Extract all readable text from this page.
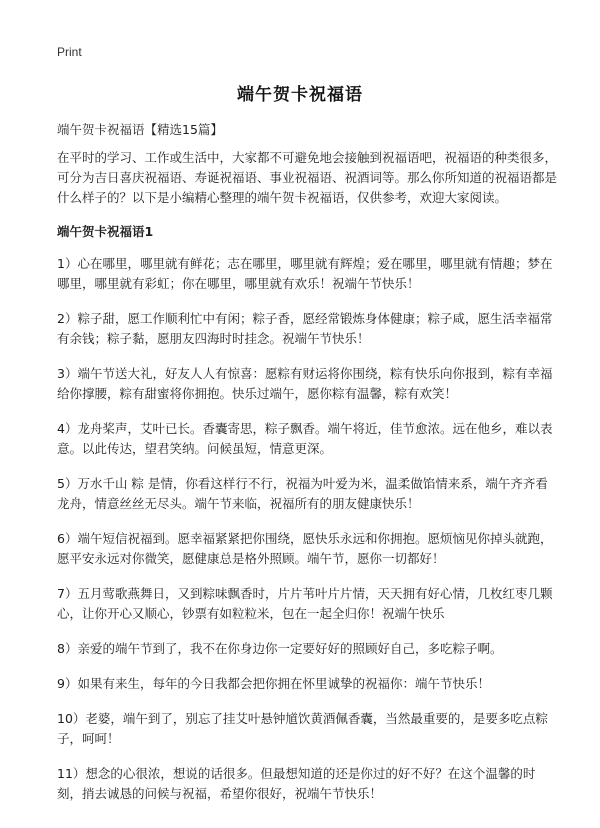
Print
端午贺卡祝福语
端午贺卡祝福语【精选15篇】
在平时的学习、工作或生活中，大家都不可避免地会接触到祝福语吧，祝福语的种类很多，可分为吉日喜庆祝福语、寿诞祝福语、事业祝福语、祝酒词等。那么你所知道的祝福语都是什么样子的？以下是小编精心整理的端午贺卡祝福语，仅供参考，欢迎大家阅读。
端午贺卡祝福语1
1）心在哪里，哪里就有鲜花；志在哪里，哪里就有辉煌；爱在哪里，哪里就有情趣；梦在哪里，哪里就有彩虹；你在哪里，哪里就有欢乐！祝端午节快乐！
2）粽子甜，愿工作顺利忙中有闲；粽子香，愿经常锻炼身体健康；粽子咸，愿生活幸福常有余钱；粽子黏，愿朋友四海时时挂念。祝端午节快乐！
3）端午节送大礼，好友人人有惊喜：愿粽有财运将你围绕，粽有快乐向你报到，粽有幸福给你撑腰，粽有甜蜜将你拥抱。快乐过端午，愿你粽有温馨，粽有欢笑！
4）龙舟桨声，艾叶已长。香囊寄思，粽子飘香。端午将近，佳节愈浓。远在他乡，难以表意。以此传达，望君笑纳。问候虽短，情意更深。
5）万水千山 粽 是情，你看这样行不行，祝福为叶爱为米，温柔做馅情来系，端午齐齐看龙舟，情意丝丝无尽头。端午节来临，祝福所有的朋友健康快乐！
6）端午短信祝福到。愿幸福紧紧把你围绕，愿快乐永远和你拥抱。愿烦恼见你掉头就跑，愿平安永远对你微笑，愿健康总是格外照顾。端午节，愿你一切都好！
7）五月莺歌燕舞日，又到粽味飘香时，片片苇叶片片情，天天拥有好心情，几枚红枣几颗心，让你开心又顺心，钞票有如粒粒米，包在一起全归你！祝端午快乐
8）亲爱的端午节到了，我不在你身边你一定要好好的照顾好自己，多吃粽子啊。
9）如果有来生，每年的今日我都会把你拥在怀里诚挚的祝福你：端午节快乐！
10）老婆，端午到了，别忘了挂艾叶悬钟馗饮黄酒佩香囊，当然最重要的，是要多吃点粽子，呵呵！
11）想念的心很浓，想说的话很多。但最想知道的还是你过的好不好？在这个温馨的时刻，捎去诚恳的问候与祝福，希望你很好，祝端午节快乐！
